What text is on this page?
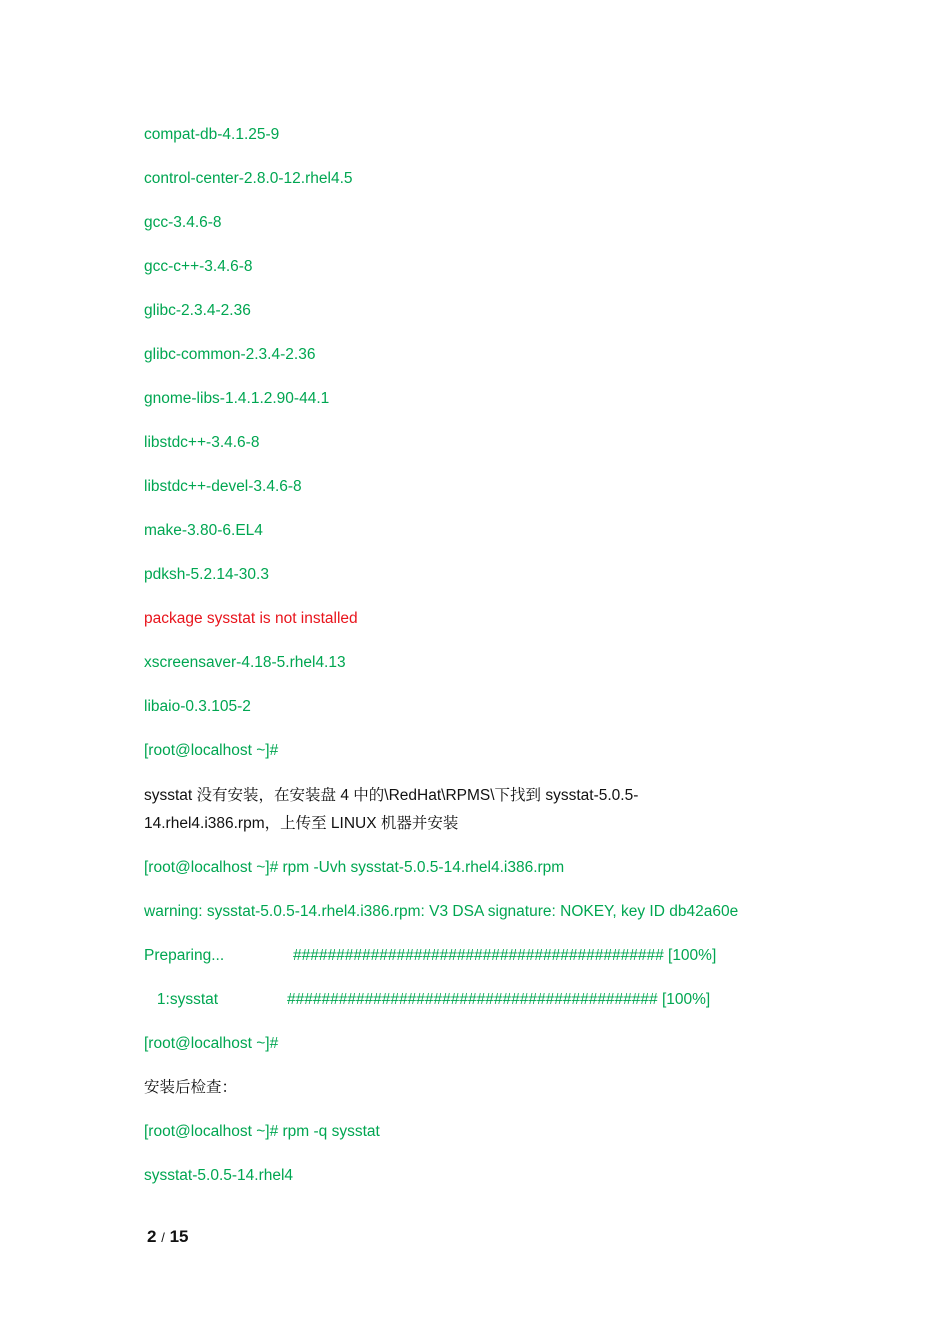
compat-db-4.1.25-9
control-center-2.8.0-12.rhel4.5
gcc-3.4.6-8
gcc-c++-3.4.6-8
glibc-2.3.4-2.36
glibc-common-2.3.4-2.36
gnome-libs-1.4.1.2.90-44.1
libstdc++-3.4.6-8
libstdc++-devel-3.4.6-8
make-3.80-6.EL4
pdksh-5.2.14-30.3
package sysstat is not installed
xscreensaver-4.18-5.rhel4.13
libaio-0.3.105-2
[root@localhost ~]#
sysstat 没有安装，在安装盘 4 中的\RedHat\RPMS\下找到 sysstat-5.0.5-14.rhel4.i386.rpm，上传至 LINUX 机器并安装
[root@localhost ~]# rpm -Uvh sysstat-5.0.5-14.rhel4.i386.rpm
warning: sysstat-5.0.5-14.rhel4.i386.rpm: V3 DSA signature: NOKEY, key ID db42a60e
Preparing...                ########################################### [100%]
1:sysstat                ########################################### [100%]
[root@localhost ~]#
安装后检查：
[root@localhost ~]# rpm -q sysstat
sysstat-5.0.5-14.rhel4
2 / 15
